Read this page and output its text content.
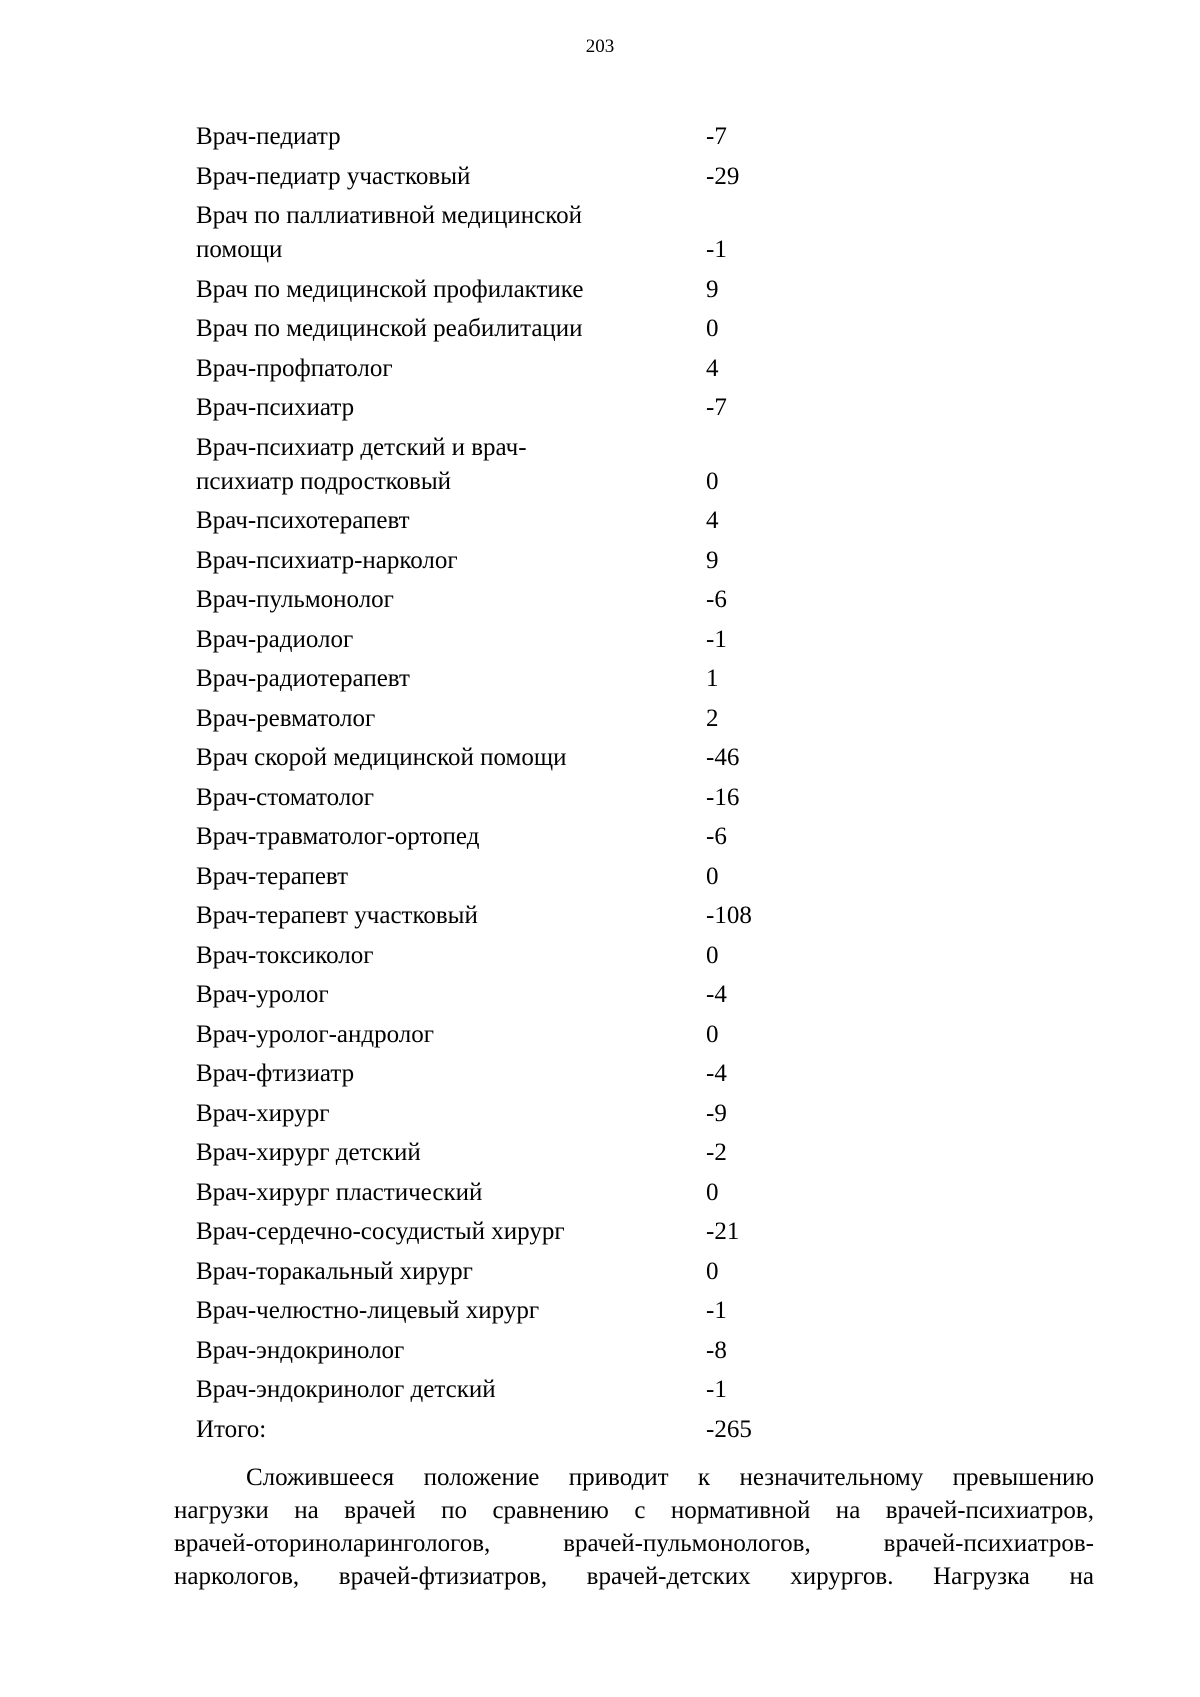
203
Врач-педиатр	-7
Врач-педиатр участковый	-29
Врач по паллиативной медицинской
помощи	-1
Врач по медицинской профилактике	9
Врач по медицинской реабилитации	0
Врач-профпатолог	4
Врач-психиатр	-7
Врач-психиатр детский и врач-
психиатр подростковый	0
Врач-психотерапевт	4
Врач-психиатр-нарколог	9
Врач-пульмонолог	-6
Врач-радиолог	-1
Врач-радиотерапевт	1
Врач-ревматолог	2
Врач скорой медицинской помощи	-46
Врач-стоматолог	-16
Врач-травматолог-ортопед	-6
Врач-терапевт	0
Врач-терапевт участковый	-108
Врач-токсиколог	0
Врач-уролог	-4
Врач-уролог-андролог	0
Врач-фтизиатр	-4
Врач-хирург	-9
Врач-хирург детский	-2
Врач-хирург пластический	0
Врач-сердечно-сосудистый хирург	-21
Врач-торакальный хирург	0
Врач-челюстно-лицевый хирург	-1
Врач-эндокринолог	-8
Врач-эндокринолог детский	-1
Итого:	-265
Сложившееся положение приводит к незначительному превышению
нагрузки на врачей по сравнению с нормативной на врачей-психиатров,
врачей-оториноларингологов, врачей-пульмонологов, врачей-психиатров-
наркологов, врачей-фтизиатров, врачей-детских хирургов. Нагрузка на
